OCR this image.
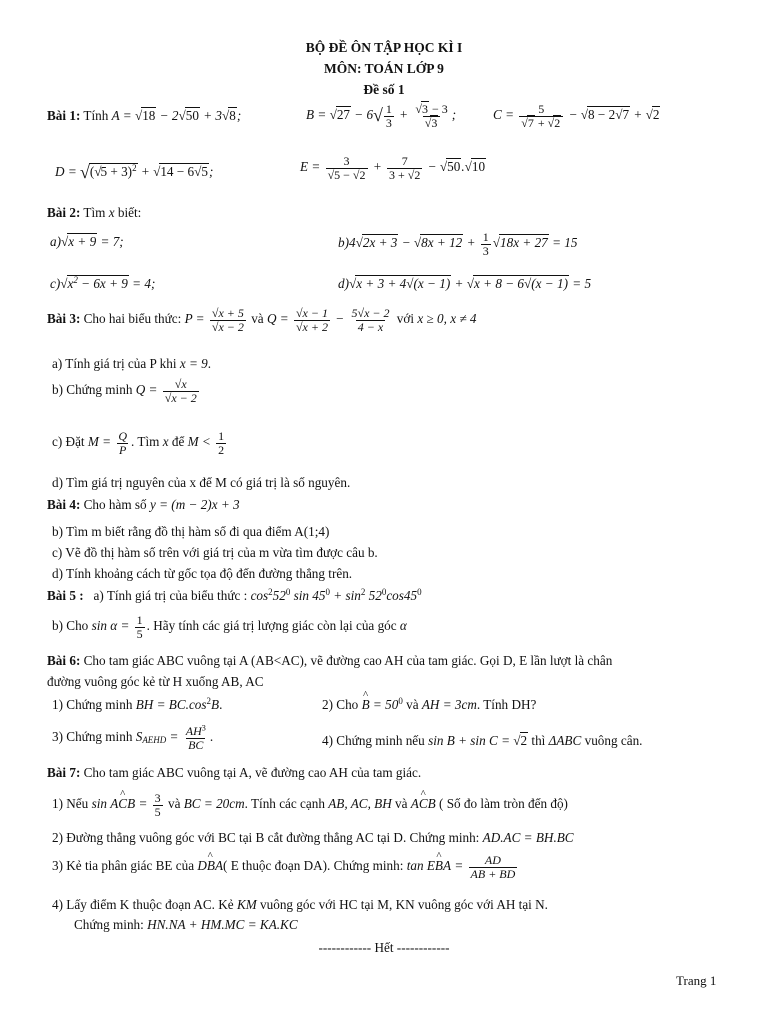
BỘ ĐỀ ÔN TẬP HỌC KÌ I
MÔN: TOÁN LỚP 9
Đề số 1
Bài 1: Tính A = √18 − 2√50 + 3√8;	$B = √27 - 6√ \frac{1}{3} + \frac{√3 - 3}{√3}$ ;	$C = \frac{5}{√7 + √2} - √8 - 2√7 + √2$
$D = √(√5 + 3)^2 + √14 - 6√5$;	$E = \frac{3}{√5 - √2} + \frac{7}{3 + √2} - √50.√10$
Bài 2: Tìm x biết:
a)√x + 9 = 7;	$b)4√2x + 3 - √8x + 12 + \frac{1}{3} √18x + 27 = 15$
$c)√x^2 - 6x + 9 = 4$;	d)√x + 3 + 4√(x − 1) + √x + 8 − 6√(x − 1) = 5
Bài 3: Cho hai biểu thức: $P = \frac{√x + 5}{√x - 2}$ và $Q = \frac{√x - 1}{√x + 2} - \frac{5√x - 2}{4 - x}$ với x ≥ 0, x ≠ 4
a) Tính giá trị của P khi x = 9.
b) Chứng minh $Q = \frac{√x}{√x - 2}$
c) Đặt $M = \frac{Q}{P}$ . Tìm x để $M < \frac{1}{2}$
d) Tìm giá trị nguyên của x để M có giá trị là số nguyên.
Bài 4: Cho hàm số y = (m − 2)x + 3
b) Tìm m biết rằng đồ thị hàm số đi qua điểm A(1;4)
c) Vẽ đồ thị hàm số trên với giá trị của m vừa tìm được câu b.
d) Tính khoảng cách từ gốc tọa độ đến đường thẳng trên.
Bài 5 : a) Tính giá trị của biểu thức : $\cos^252^0$ $\sin 45^0 + \sin^2 52^0\cos 45^0$
b) Cho $\sin \alpha = \frac{1}{5}$ . Hãy tính các giá trị lượng giác còn lại của góc α
Bài 6: Cho tam giác ABC vuông tại A (AB<AC), vẽ đường cao AH của tam giác. Gọi D, E lần lượt là chân
đường vuông góc kẻ từ H xuống AB, AC
1) Chứng minh BH = $BC.\cos^2B$.	2) Cho ^ $B = 50^0$ và AH = 3cm. Tính DH?
3) Chứng minh $S_{AEHD} = \frac{AH^3}{BC}$ .	4) Chứng minh nếu sin B + sin C = √2 thì ΔABC vuông cân.
Bài 7: Cho tam giác ABC vuông tại A, vẽ đường cao AH của tam giác.
1) Nếu sin ^ ACB = $\frac{3}{5}$ và BC = 20cm. Tính các cạnh AB, AC, BH và ^ ACB ( Số đo làm tròn đến độ)
2) Đường thẳng vuông góc với BC tại B cắt đường thẳng AC tại D. Chứng minh: AD.AC = BH.BC
3) Kẻ tia phân giác BE của ^ DBA( E thuộc đoạn DA). Chứng minh: tan ^ EBA = $\frac{AD}{AB + BD}$
4) Lấy điểm K thuộc đoạn AC. Kẻ KM vuông góc với HC tại M, KN vuông góc với AH tại N.
Chứng minh: HN.NA + HM.MC = KA.KC
------------ Hết ------------
Trang 1
